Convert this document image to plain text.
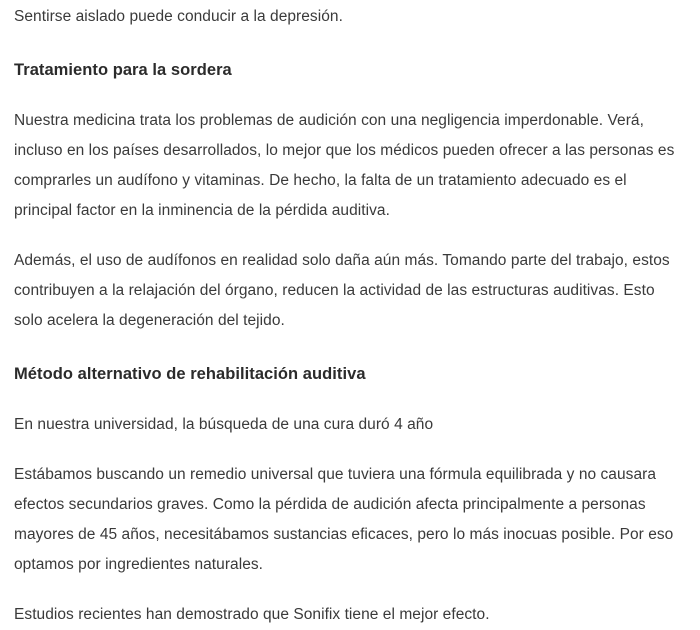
Sentirse aislado puede conducir a la depresión.

Tratamiento para la sordera

Nuestra medicina trata los problemas de audición con una negligencia imperdonable. Verá, incluso en los países desarrollados, lo mejor que los médicos pueden ofrecer a las personas es comprarles un audífono y vitaminas. De hecho, la falta de un tratamiento adecuado es el principal factor en la inminencia de la pérdida auditiva.

Además, el uso de audífonos en realidad solo daña aún más. Tomando parte del trabajo, estos contribuyen a la relajación del órgano, reducen la actividad de las estructuras auditivas. Esto solo acelera la degeneración del tejido.

Método alternativo de rehabilitación auditiva

En nuestra universidad, la búsqueda de una cura duró 4 año

Estábamos buscando un remedio universal que tuviera una fórmula equilibrada y no causara efectos secundarios graves. Como la pérdida de audición afecta principalmente a personas mayores de 45 años, necesitábamos sustancias eficaces, pero lo más inocuas posible. Por eso optamos por ingredientes naturales.

Estudios recientes han demostrado que Sonifix tiene el mejor efecto.
